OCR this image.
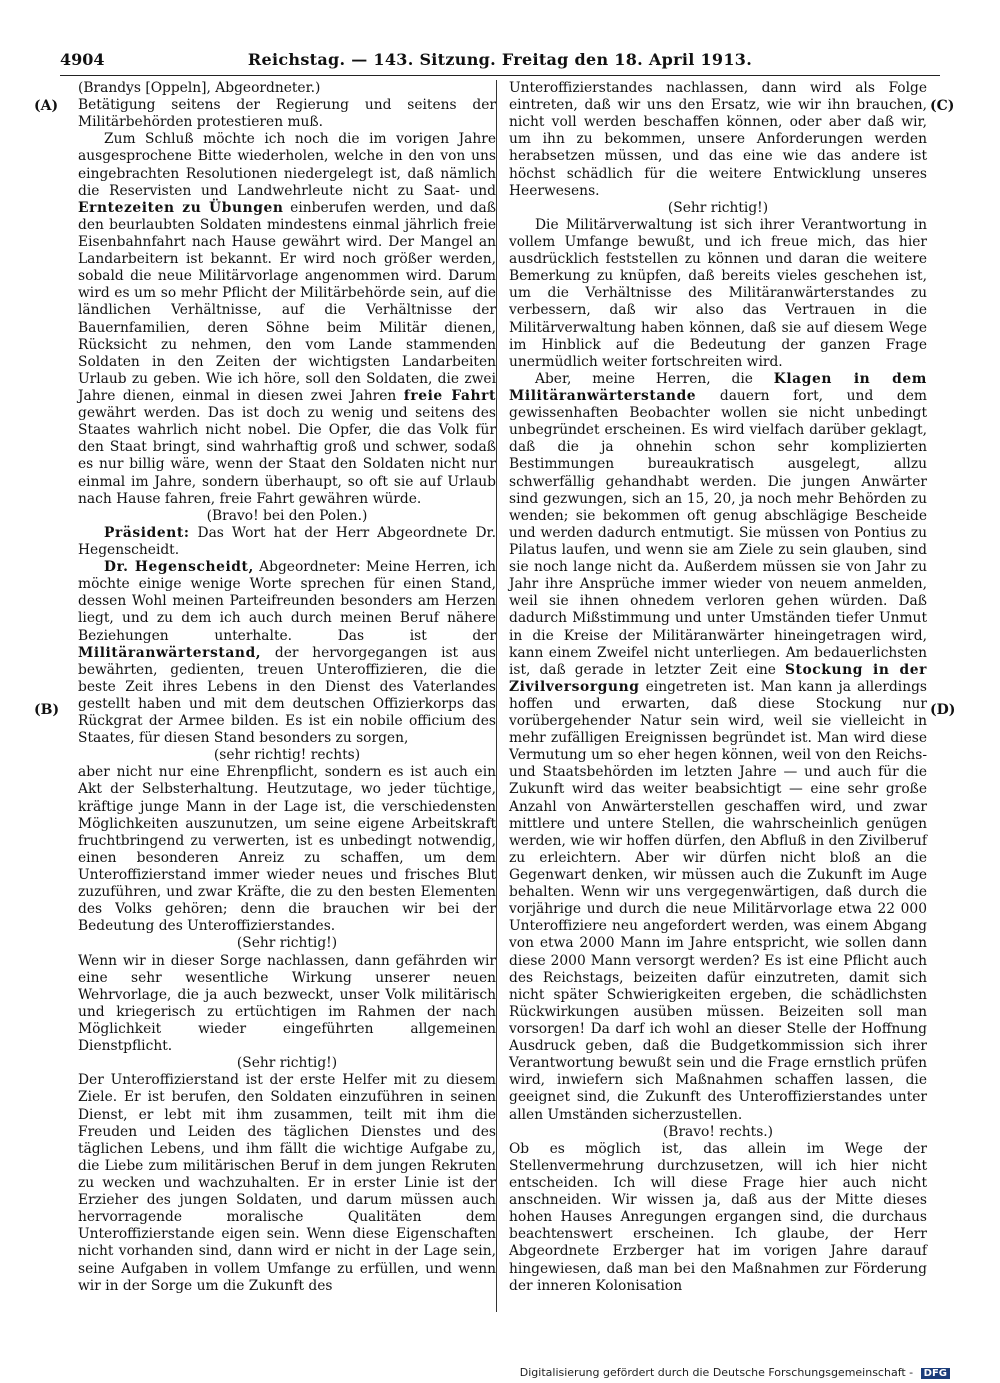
4904	Reichstag. — 143. Sitzung. Freitag den 18. April 1913.
(A)
(B)
(C)
(D)

(Brandys [Oppeln], Abgeordneter.)

Betätigung seitens der Regierung und seitens der Militärbehörden protestieren muß.

Zum Schluß möchte ich noch die im vorigen Jahre ausgesprochene Bitte wiederholen, welche in den von uns eingebrachten Resolutionen niedergelegt ist, daß nämlich die Reservisten und Landwehrleute nicht zu Saat- und Erntezeiten zu Übungen einberufen werden, und daß den beurlaubten Soldaten mindestens einmal jährlich freie Eisenbahnfahrt nach Hause gewährt wird. Der Mangel an Landarbeitern ist bekannt. Er wird noch größer werden, sobald die neue Militärvorlage angenommen wird. Darum wird es um so mehr Pflicht der Militärbehörde sein, auf die ländlichen Verhältnisse, auf die Verhältnisse der Bauernfamilien, deren Söhne beim Militär dienen, Rücksicht zu nehmen, den vom Lande stammenden Soldaten in den Zeiten der wichtigsten Landarbeiten Urlaub zu geben. Wie ich höre, soll den Soldaten, die zwei Jahre dienen, einmal in diesen zwei Jahren freie Fahrt gewährt werden. Das ist doch zu wenig und seitens des Staates wahrlich nicht nobel. Die Opfer, die das Volk für den Staat bringt, sind wahrhaftig groß und schwer, sodaß es nur billig wäre, wenn der Staat den Soldaten nicht nur einmal im Jahre, sondern überhaupt, so oft sie auf Urlaub nach Hause fahren, freie Fahrt gewähren würde.

(Bravo! bei den Polen.)

Präsident: Das Wort hat der Herr Abgeordnete Dr. Hegenscheidt.

Dr. Hegenscheidt, Abgeordneter: Meine Herren, ich möchte einige wenige Worte sprechen für einen Stand, dessen Wohl meinen Parteifreunden besonders am Herzen liegt, und zu dem ich auch durch meinen Beruf nähere Beziehungen unterhalte. Das ist der Militäranwärterstand, der hervorgegangen ist aus bewährten, gedienten, treuen Unteroffizieren, die die beste Zeit ihres Lebens in den Dienst des Vaterlandes gestellt haben und mit dem deutschen Offizierkorps das Rückgrat der Armee bilden. Es ist ein nobile officium des Staates, für diesen Stand besonders zu sorgen,

(sehr richtig! rechts)

aber nicht nur eine Ehrenpflicht, sondern es ist auch ein Akt der Selbsterhaltung. Heutzutage, wo jeder tüchtige, kräftige junge Mann in der Lage ist, die verschiedensten Möglichkeiten auszunutzen, um seine eigene Arbeitskraft fruchtbringend zu verwerten, ist es unbedingt notwendig, einen besonderen Anreiz zu schaffen, um dem Unteroffizierstand immer wieder neues und frisches Blut zuzuführen, und zwar Kräfte, die zu den besten Elementen des Volks gehören; denn die brauchen wir bei der Bedeutung des Unteroffizierstandes.

(Sehr richtig!)

Wenn wir in dieser Sorge nachlassen, dann gefährden wir eine sehr wesentliche Wirkung unserer neuen Wehrvorlage, die ja auch bezweckt, unser Volk militärisch und kriegerisch zu ertüchtigen im Rahmen der nach Möglichkeit wieder eingeführten allgemeinen Dienstpflicht.

(Sehr richtig!)

Der Unteroffizierstand ist der erste Helfer mit zu diesem Ziele. Er ist berufen, den Soldaten einzuführen in seinen Dienst, er lebt mit ihm zusammen, teilt mit ihm die Freuden und Leiden des täglichen Dienstes und des täglichen Lebens, und ihm fällt die wichtige Aufgabe zu, die Liebe zum militärischen Beruf in dem jungen Rekruten zu wecken und wachzuhalten. Er in erster Linie ist der Erzieher des jungen Soldaten, und darum müssen auch hervorragende moralische Qualitäten dem Unteroffizierstande eigen sein. Wenn diese Eigenschaften nicht vorhanden sind, dann wird er nicht in der Lage sein, seine Aufgaben in vollem Umfange zu erfüllen, und wenn wir in der Sorge um die Zukunft des

Unteroffizierstandes nachlassen, dann wird als Folge eintreten, daß wir uns den Ersatz, wie wir ihn brauchen, nicht voll werden beschaffen können, oder aber daß wir, um ihn zu bekommen, unsere Anforderungen werden herabsetzen müssen, und das eine wie das andere ist höchst schädlich für die weitere Entwicklung unseres Heerwesens.

(Sehr richtig!)

Die Militärverwaltung ist sich ihrer Verantwortung in vollem Umfange bewußt, und ich freue mich, das hier ausdrücklich feststellen zu können und daran die weitere Bemerkung zu knüpfen, daß bereits vieles geschehen ist, um die Verhältnisse des Militäranwärterstandes zu verbessern, daß wir also das Vertrauen in die Militärverwaltung haben können, daß sie auf diesem Wege im Hinblick auf die Bedeutung der ganzen Frage unermüdlich weiter fortschreiten wird.

Aber, meine Herren, die Klagen in dem Militäranwärterstande dauern fort, und dem gewissenhaften Beobachter wollen sie nicht unbedingt unbegründet erscheinen. Es wird vielfach darüber geklagt, daß die ja ohnehin schon sehr komplizierten Bestimmungen bureaukratisch ausgelegt, allzu schwerfällig gehandhabt werden. Die jungen Anwärter sind gezwungen, sich an 15, 20, ja noch mehr Behörden zu wenden; sie bekommen oft genug abschlägige Bescheide und werden dadurch entmutigt. Sie müssen von Pontius zu Pilatus laufen, und wenn sie am Ziele zu sein glauben, sind sie noch lange nicht da. Außerdem müssen sie von Jahr zu Jahr ihre Ansprüche immer wieder von neuem anmelden, weil sie ihnen ohnedem verloren gehen würden. Daß dadurch Mißstimmung und unter Umständen tiefer Unmut in die Kreise der Militäranwärter hineingetragen wird, kann einem Zweifel nicht unterliegen. Am bedauerlichsten ist, daß gerade in letzter Zeit eine Stockung in der Zivilversorgung eingetreten ist. Man kann ja allerdings hoffen und erwarten, daß diese Stockung nur vorübergehender Natur sein wird, weil sie vielleicht in mehr zufälligen Ereignissen begründet ist. Man wird diese Vermutung um so eher hegen können, weil von den Reichs- und Staatsbehörden im letzten Jahre — und auch für die Zukunft wird das weiter beabsichtigt — eine sehr große Anzahl von Anwärterstellen geschaffen wird, und zwar mittlere und untere Stellen, die wahrscheinlich genügen werden, wie wir hoffen dürfen, den Abfluß in den Zivilberuf zu erleichtern. Aber wir dürfen nicht bloß an die Gegenwart denken, wir müssen auch die Zukunft im Auge behalten. Wenn wir uns vergegenwärtigen, daß durch die vorjährige und durch die neue Militärvorlage etwa 22 000 Unteroffiziere neu angefordert werden, was einem Abgang von etwa 2000 Mann im Jahre entspricht, wie sollen dann diese 2000 Mann versorgt werden? Es ist eine Pflicht auch des Reichstags, beizeiten dafür einzutreten, damit sich nicht später Schwierigkeiten ergeben, die schädlichsten Rückwirkungen ausüben müssen. Beizeiten soll man vorsorgen! Da darf ich wohl an dieser Stelle der Hoffnung Ausdruck geben, daß die Budgetkommission sich ihrer Verantwortung bewußt sein und die Frage ernstlich prüfen wird, inwiefern sich Maßnahmen schaffen lassen, die geeignet sind, die Zukunft des Unteroffizierstandes unter allen Umständen sicherzustellen.

(Bravo! rechts.)

Ob es möglich ist, das allein im Wege der Stellenvermehrung durchzusetzen, will ich hier nicht entscheiden. Ich will diese Frage hier auch nicht anschneiden. Wir wissen ja, daß aus der Mitte dieses hohen Hauses Anregungen ergangen sind, die durchaus beachtenswert erscheinen. Ich glaube, der Herr Abgeordnete Erzberger hat im vorigen Jahre darauf hingewiesen, daß man bei den Maßnahmen zur Förderung der inneren Kolonisation

Digitalisierung gefördert durch die Deutsche Forschungsgemeinschaft - DFG
